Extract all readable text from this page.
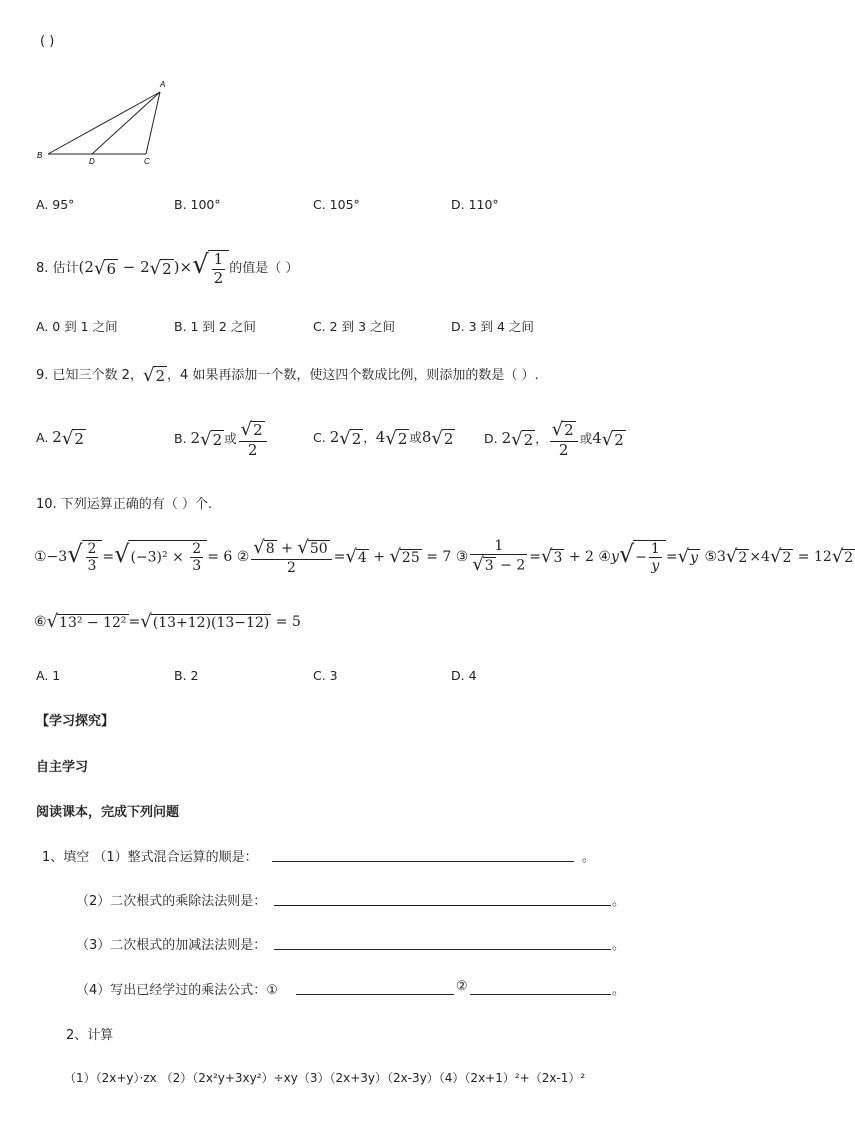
( )
A
B
D	C
A. 95°	B. 100°	C. 105°	D. 110°
8. 估计(2√6 − 2√2 )×√ $\frac{1}{2}$ 的值是（ ）
A. 0 到 1 之间	B. 1 到 2 之间	C. 2 到 3 之间	D. 3 到 4 之间
9. 已知三个数 2，√2 ，4 如果再添加一个数，使这四个数成比例，则添加的数是（ ）.
A. 2√2	B. 2√2 或 $\frac{√2}{2}$	C. 2√2 ，4√2 或8√2 D. 2√2 ， $\frac{√2}{2}$ 或4√2
10. 下列运算正确的有（ ）个.
①−3√ $\frac{2}{3} =√(-3)^2 \times \frac{2}{3} = 6$ ② $\frac{√8 + √50}{2} =√4 + √25 = 7$ ③ $\frac{1}{√3 - 2} =√3 + 2$ ④y√− $\frac{1}{y} =√y$ ⑤3√2 ×4√2 = 12√2
⑥√13² − 12² =√(13+12)(13−12) = 5
A. 1	B. 2	C. 3	D. 4
【学习探究】
自主学习
阅读课本，完成下列问题
1、填空 （1）整式混合运算的顺是：	。
（2）二次根式的乘除法法则是：	。
（3）二次根式的加减法法则是：	。
（4）写出已经学过的乘法公式：①	②	。
2、计算
（1）（2x+y）·zx （2）（2x²y+3xy²）÷xy（3）（2x+3y）（2x-3y）（4）（2x+1）²+（2x-1）²
